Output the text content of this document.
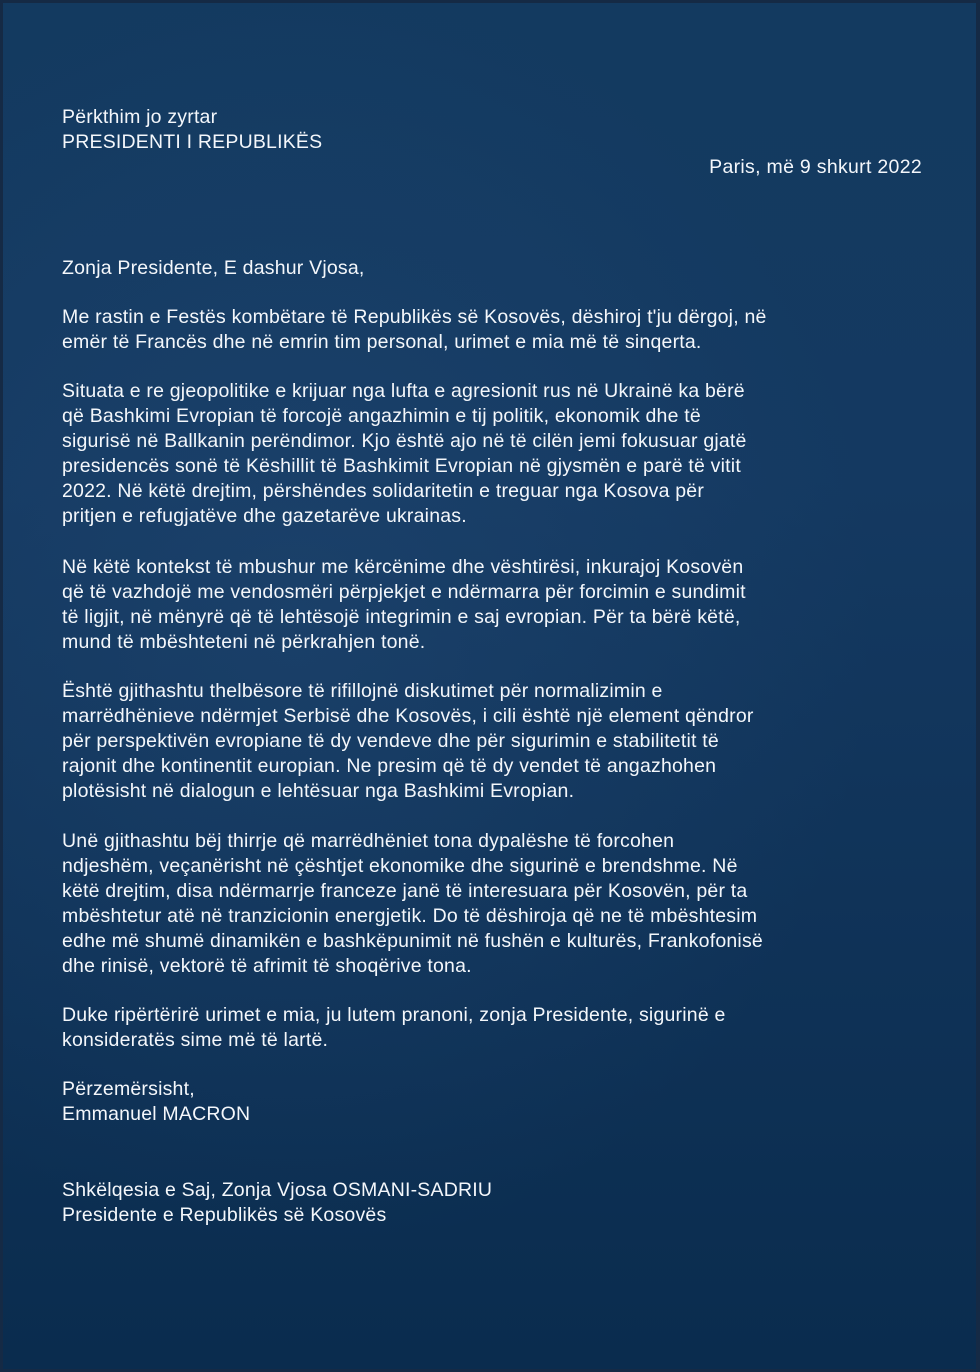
Përkthim jo zyrtar
PRESIDENTI I REPUBLIKËS
Paris, më 9 shkurt 2022
Zonja Presidente, E dashur Vjosa,
Me rastin e Festës kombëtare të Republikës së Kosovës, dëshiroj t'ju dërgoj, në
emër të Francës dhe në emrin tim personal, urimet e mia më të sinqerta.
Situata e re gjeopolitike e krijuar nga lufta e agresionit rus në Ukrainë ka bërë
që Bashkimi Evropian të forcojë angazhimin e tij politik, ekonomik dhe të
sigurisë në Ballkanin perëndimor. Kjo është ajo në të cilën jemi fokusuar gjatë
presidencës sonë të Këshillit të Bashkimit Evropian në gjysmën e parë të vitit
2022. Në këtë drejtim, përshëndes solidaritetin e treguar nga Kosova për
pritjen e refugjatëve dhe gazetarëve ukrainas.
Në këtë kontekst të mbushur me kërcënime dhe vështirësi, inkurajoj Kosovën
që të vazhdojë me vendosmëri përpjekjet e ndërmarra për forcimin e sundimit
të ligjit, në mënyrë që të lehtësojë integrimin e saj evropian. Për ta bërë këtë,
mund të mbështeteni në përkrahjen tonë.
Është gjithashtu thelbësore të rifillojnë diskutimet për normalizimin e
marrëdhënieve ndërmjet Serbisë dhe Kosovës, i cili është një element qëndror
për perspektivën evropiane të dy vendeve dhe për sigurimin e stabilitetit të
rajonit dhe kontinentit europian. Ne presim që të dy vendet të angazhohen
plotësisht në dialogun e lehtësuar nga Bashkimi Evropian.
Unë gjithashtu bëj thirrje që marrëdhëniet tona dypalëshe të forcohen
ndjeshëm, veçanërisht në çështjet ekonomike dhe sigurinë e brendshme. Në
këtë drejtim, disa ndërmarrje franceze janë të interesuara për Kosovën, për ta
mbështetur atë në tranzicionin energjetik. Do të dëshiroja që ne të mbështesim
edhe më shumë dinamikën e bashkëpunimit në fushën e kulturës, Frankofonisë
dhe rinisë, vektorë të afrimit të shoqërive tona.
Duke ripërtërirë urimet e mia, ju lutem pranoni, zonja Presidente, sigurinë e
konsideratës sime më të lartë.
Përzemërsisht,
Emmanuel MACRON
Shkëlqesia e Saj, Zonja Vjosa OSMANI-SADRIU
Presidente e Republikës së Kosovës
